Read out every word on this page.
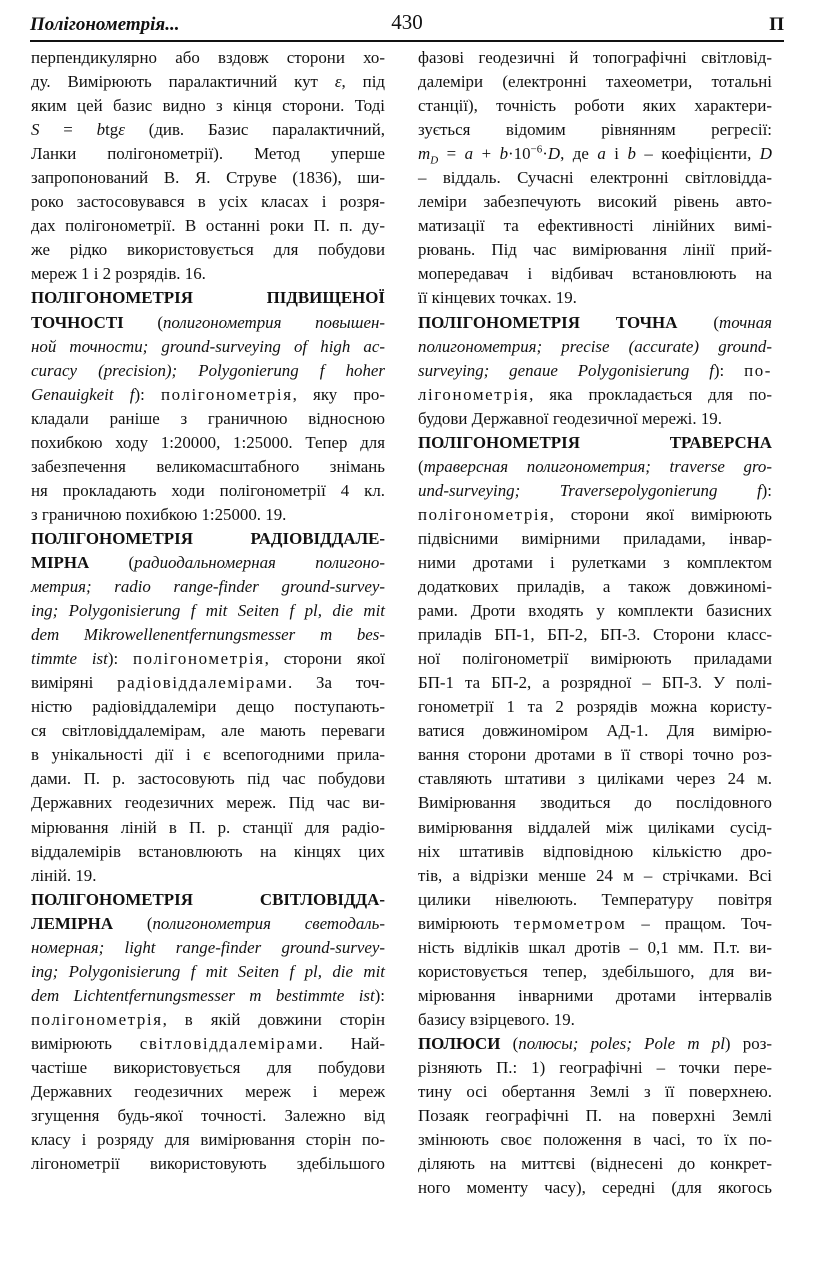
Полігонометрія...	430	П
перпендикулярно або вздовж сторони хо-
ду. Вимірюють паралактичний кут ε, під
яким цей базис видно з кінця сторони. Тоді
S = btgε (див. Базис паралактичний,
Ланки полігонометрії). Метод уперше
запропонований В. Я. Струве (1836), ши-
роко застосовувався в усіх класах і розря-
дах полігонометрії. В останні роки П. п. ду-
же рідко використовується для побудови
мереж 1 і 2 розрядів. 16.
ПОЛІГОНОМЕТРІЯ ПІДВИЩЕНОЇ
ТОЧНОСТІ (полигонометрия повышен-
ной точности; ground-surveying of high ac-
curacy (precision); Polygonierung f hoher
Genauigkeit f): полігонометрія, яку про-
кладали раніше з граничною відносною
похибкою ходу 1:20000, 1:25000. Тепер для
забезпечення великомасштабного знімань
ня прокладають ходи полігонометрії 4 кл.
з граничною похибкою 1:25000. 19.
ПОЛІГОНОМЕТРІЯ РАДІОВІДДАЛЕ-
МІРНА (радиодальномерная полигоно-
метрия; radio range-finder ground-survey-
ing; Polygonisierung f mit Seiten f pl, die mit
dem Mikrowellenentfernungsmesser m bes-
timmte ist): полігонометрія, сторони якої
виміряні радіовіддалемірами. За точ-
ністю радіовіддалеміри дещо поступають-
ся світловіддалемірам, але мають переваги
в унікальності дії і є всепогодними прила-
дами. П. р. застосовують під час побудови
Державних геодезичних мереж. Під час ви-
мірювання ліній в П. р. станції для радіо-
віддалемірів встановлюють на кінцях цих
ліній. 19.
ПОЛІГОНОМЕТРІЯ СВІТЛОВІДДА-
ЛЕМІРНА (полигонометрия светодаль-
номерная; light range-finder ground-survey-
ing; Polygonisierung f mit Seiten f pl, die mit
dem Lichtentfernungsmesser m bestimmte ist):
полігонометрія, в якій довжини сторін
вимірюють світловіддалемірами. Най-
частіше використовується для побудови
Державних геодезичних мереж і мереж
згущення будь-якої точності. Залежно від
класу і розряду для вимірювання сторін по-
лігонометрії використовують здебільшого
фазові геодезичні й топографічні світловід-
далеміри (електронні тахеометри, тотальні
станції), точність роботи яких характери-
зується відомим рівнянням регресії:
$m_D = a + b\cdot 10^{-6}\cdot D$, де a і b – коефіцієнти, D
– віддаль. Сучасні електронні світловідда-
леміри забезпечують високий рівень авто-
матизації та ефективності лінійних вимі-
рювань. Під час вимірювання лінії прий-
мопередавач і відбивач встановлюють на
її кінцевих точках. 19.
ПОЛІГОНОМЕТРІЯ ТОЧНА (точная
полигонометрия; precise (accurate) ground-
surveying; genaue Polygonisierung f): по-
лігонометрія, яка прокладається для по-
будови Державної геодезичної мережі. 19.
ПОЛІГОНОМЕТРІЯ ТРАВЕРСНА
(траверсная полигонометрия; traverse gro-
und-surveying; Traversepolygonierung f):
полігонометрія, сторони якої вимірюють
підвісними вимірними приладами, інвар-
ними дротами і рулетками з комплектом
додаткових приладів, а також довжиномі-
рами. Дроти входять у комплекти базисних
приладів БП-1, БП-2, БП-3. Сторони класс-
ної полігонометрії вимірюють приладами
БП-1 та БП-2, а розрядної – БП-3. У полі-
гонометрії 1 та 2 розрядів можна користу-
ватися довжиноміром АД-1. Для вимірю-
вання сторони дротами в її створі точно роз-
ставляють штативи з циліками через 24 м.
Вимірювання зводиться до послідовного
вимірювання віддалей між циліками сусід-
ніх штативів відповідною кількістю дро-
тів, а відрізки менше 24 м – стрічками. Всі
цилики нівелюють. Температуру повітря
вимірюють термометром – пращом. Точ-
ність відліків шкал дротів – 0,1 мм. П.т. ви-
користовується тепер, здебільшого, для ви-
мірювання інварними дротами інтервалів
базису взірцевого. 19.
ПОЛЮСИ (полюсы; poles; Pole m pl) роз-
різняють П.: 1) географічні – точки пере-
тину осі обертання Землі з її поверхнею.
Позаяк географічні П. на поверхні Землі
змінюють своє положення в часі, то їх по-
діляють на миттєві (віднесені до конкрет-
ного моменту часу), середні (для якогось
